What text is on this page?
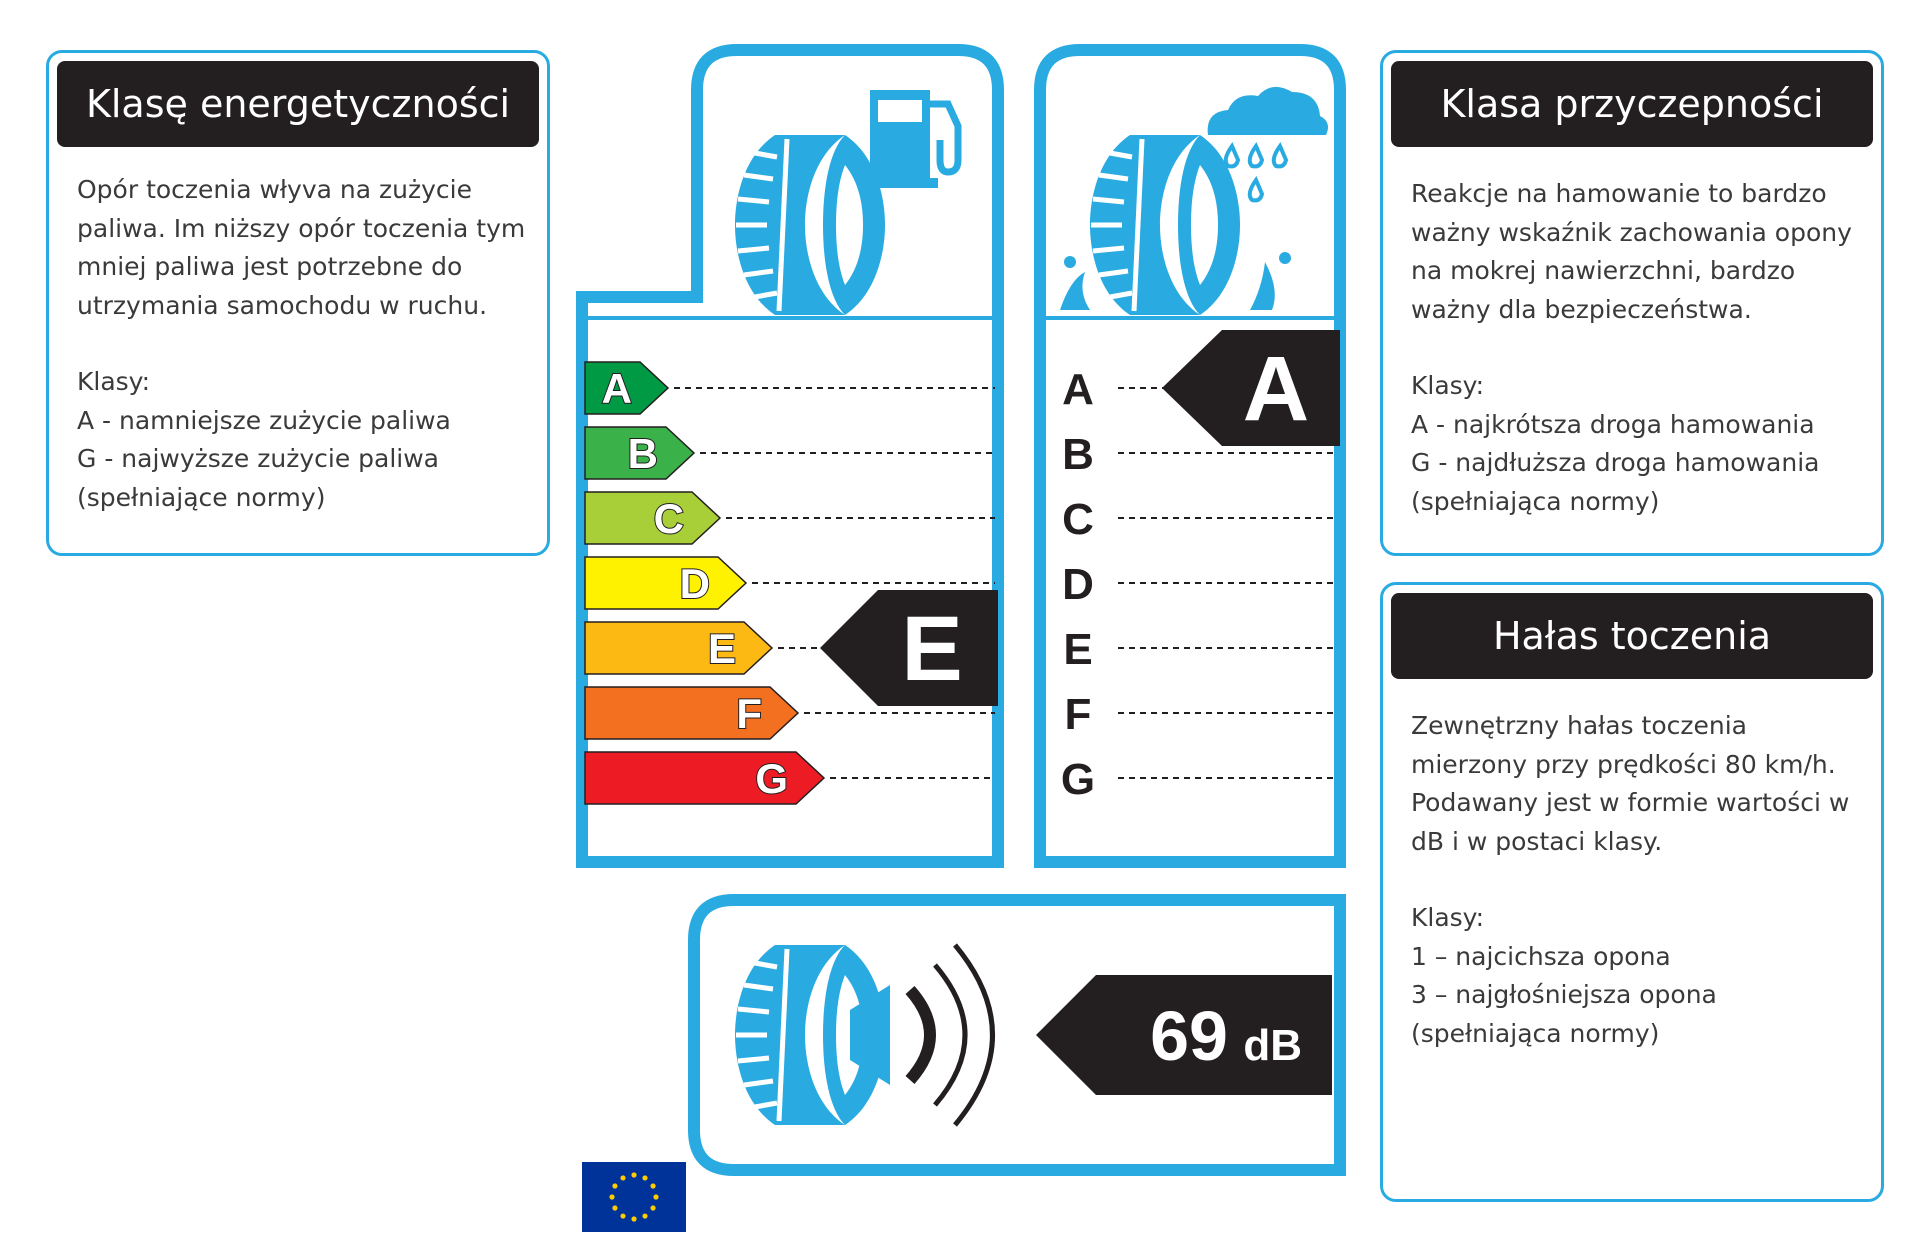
Klasę energetyczności

Opór toczenia włyva na zużycie

paliwa. Im niższy opór toczenia tym

mniej paliwa jest potrzebne do

utrzymania samochodu w ruchu.

Klasy:

A - namniejsze zużycie paliwa

G - najwyższe zużycie paliwa

(spełniające normy)

Klasa przyczepności

Reakcje na hamowanie to bardzo

ważny wskaźnik zachowania opony

na mokrej nawierzchni, bardzo

ważny dla bezpieczeństwa.

Klasy:

A - najkrótsza droga hamowania

G - najdłuższa droga hamowania

(spełniająca normy)

Hałas toczenia

Zewnętrzny hałas toczenia

mierzony przy prędkości 80 km/h.

Podawany jest w formie wartości w

dB i w postaci klasy.

Klasy:

1 – najcichsza opona

3 – najgłośniejsza opona

(spełniająca normy)

A
B
C
D
E
F
G
E
A
B
C
D
E
F
G
A
69 dB
